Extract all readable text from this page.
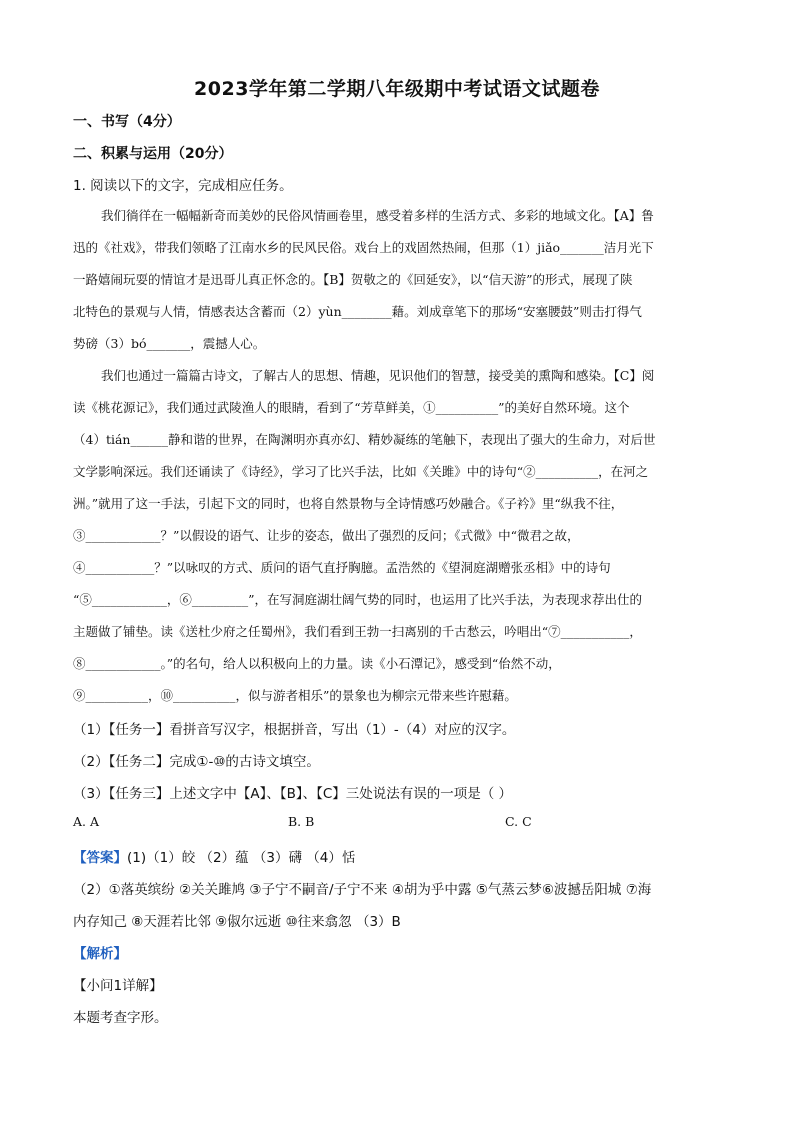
2023学年第二学期八年级期中考试语文试题卷
一、书写（4分）
二、积累与运用（20分）
1. 阅读以下的文字，完成相应任务。
我们徜徉在一幅幅新奇而美妙的民俗风情画卷里，感受着多样的生活方式、多彩的地域文化。【A】鲁
迅的《社戏》，带我们领略了江南水乡的民风民俗。戏台上的戏固然热闹，但那（1）jiǎo_______洁月光下
一路嬉闹玩耍的情谊才是迅哥儿真正怀念的。【B】贺敬之的《回延安》，以“信天游”的形式，展现了陕
北特色的景观与人情，情感表达含蓄而（2）yùn________藉。刘成章笔下的那场“安塞腰鼓”则击打得气
势磅（3）bó_______，震撼人心。
我们也通过一篇篇古诗文，了解古人的思想、情趣，见识他们的智慧，接受美的熏陶和感染。【C】阅
读《桃花源记》，我们通过武陵渔人的眼睛，看到了“芳草鲜美，①__________”的美好自然环境。这个
（4）tián______静和谐的世界，在陶渊明亦真亦幻、精妙凝练的笔触下，表现出了强大的生命力，对后世
文学影响深远。我们还诵读了《诗经》，学习了比兴手法，比如《关雎》中的诗句“②__________，在河之
洲。”就用了这一手法，引起下文的同时，也将自然景物与全诗情感巧妙融合。《子衿》里“纵我不往，
③____________？”以假设的语气、让步的姿态，做出了强烈的反问；《式微》中“微君之故，
④___________？”以咏叹的方式、质问的语气直抒胸臆。孟浩然的《望洞庭湖赠张丞相》中的诗句
“⑤____________，⑥_________”，在写洞庭湖壮阔气势的同时，也运用了比兴手法，为表现求荐出仕的
主题做了铺垫。读《送杜少府之任蜀州》，我们看到王勃一扫离别的千古愁云，吟唱出“⑦___________，
⑧____________。”的名句，给人以积极向上的力量。读《小石潭记》，感受到“佁然不动，
⑨__________，⑩__________，似与游者相乐”的景象也为柳宗元带来些许慰藉。
（1）【任务一】看拼音写汉字，根据拼音，写出（1）-（4）对应的汉字。
（2）【任务二】完成①-⑩的古诗文填空。
（3）【任务三】上述文字中【A】、【B】、【C】三处说法有误的一项是（ ）
A. A	B. B	C. C
【答案】(1)（1）皎 （2）蕴 （3）礴 （4）恬
（2）①落英缤纷 ②关关雎鸠 ③子宁不嗣音/子宁不来 ④胡为乎中露 ⑤气蒸云梦⑥波撼岳阳城 ⑦海
内存知己 ⑧天涯若比邻 ⑨俶尔远逝 ⑩往来翕忽 （3）B
【解析】
【小问1详解】
本题考查字形。
